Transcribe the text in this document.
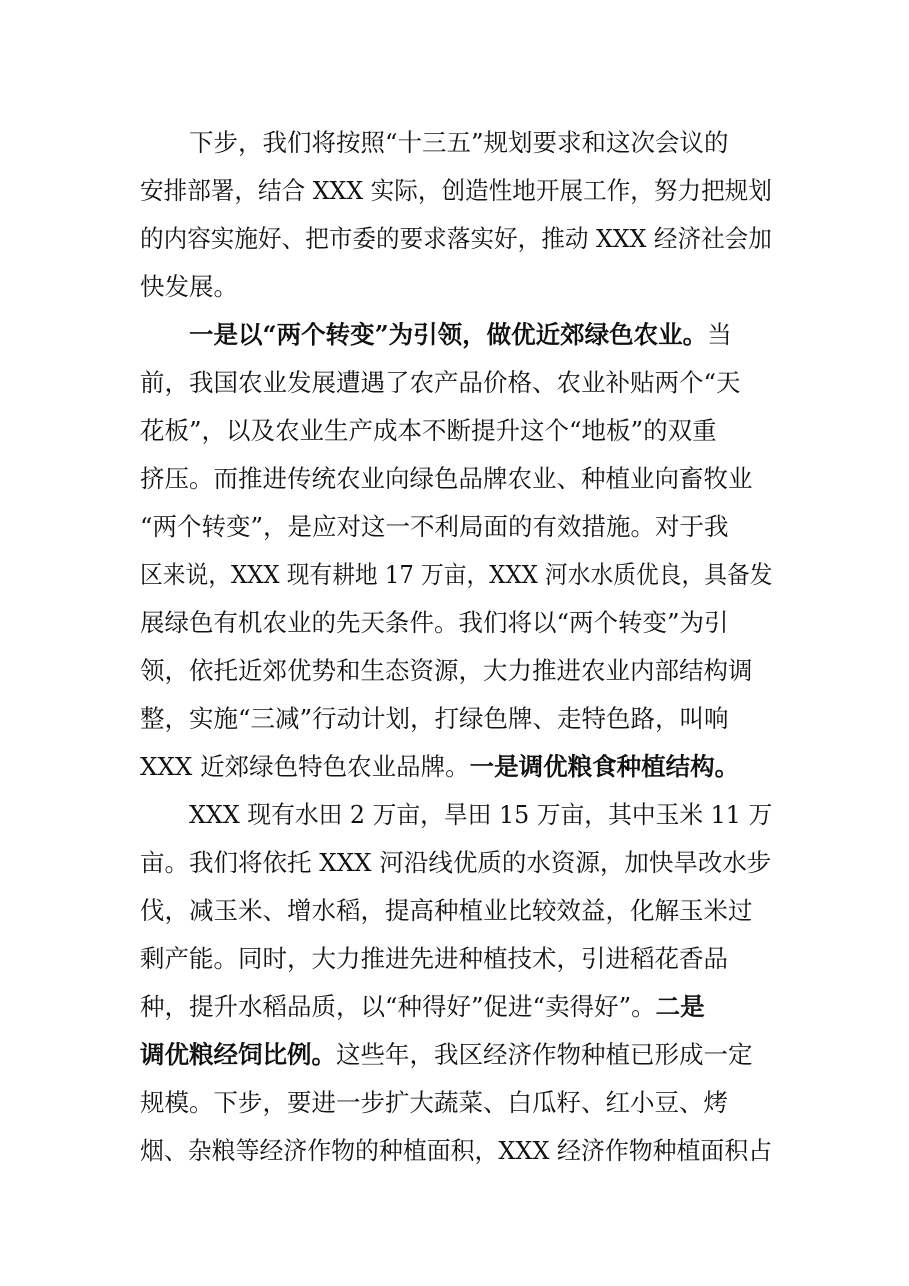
下步，我们将按照“十三五”规划要求和这次会议的
安排部署，结合 XXX 实际，创造性地开展工作，努力把规划
的内容实施好、把市委的要求落实好，推动 XXX 经济社会加
快发展。
一是以“两个转变”为引领，做优近郊绿色农业。当
前，我国农业发展遭遇了农产品价格、农业补贴两个“天
花板”，以及农业生产成本不断提升这个“地板”的双重
挤压。而推进传统农业向绿色品牌农业、种植业向畜牧业
“两个转变”，是应对这一不利局面的有效措施。对于我
区来说，XXX 现有耕地 17 万亩，XXX 河水水质优良，具备发
展绿色有机农业的先天条件。我们将以“两个转变”为引
领，依托近郊优势和生态资源，大力推进农业内部结构调
整，实施“三减”行动计划，打绿色牌、走特色路，叫响
XXX 近郊绿色特色农业品牌。一是调优粮食种植结构。
XXX 现有水田 2 万亩，旱田 15 万亩，其中玉米 11 万
亩。我们将依托 XXX 河沿线优质的水资源，加快旱改水步
伐，减玉米、增水稻，提高种植业比较效益，化解玉米过
剩产能。同时，大力推进先进种植技术，引进稻花香品
种，提升水稻品质，以“种得好”促进“卖得好”。二是
调优粮经饲比例。这些年，我区经济作物种植已形成一定
规模。下步，要进一步扩大蔬菜、白瓜籽、红小豆、烤
烟、杂粮等经济作物的种植面积，XXX 经济作物种植面积占
